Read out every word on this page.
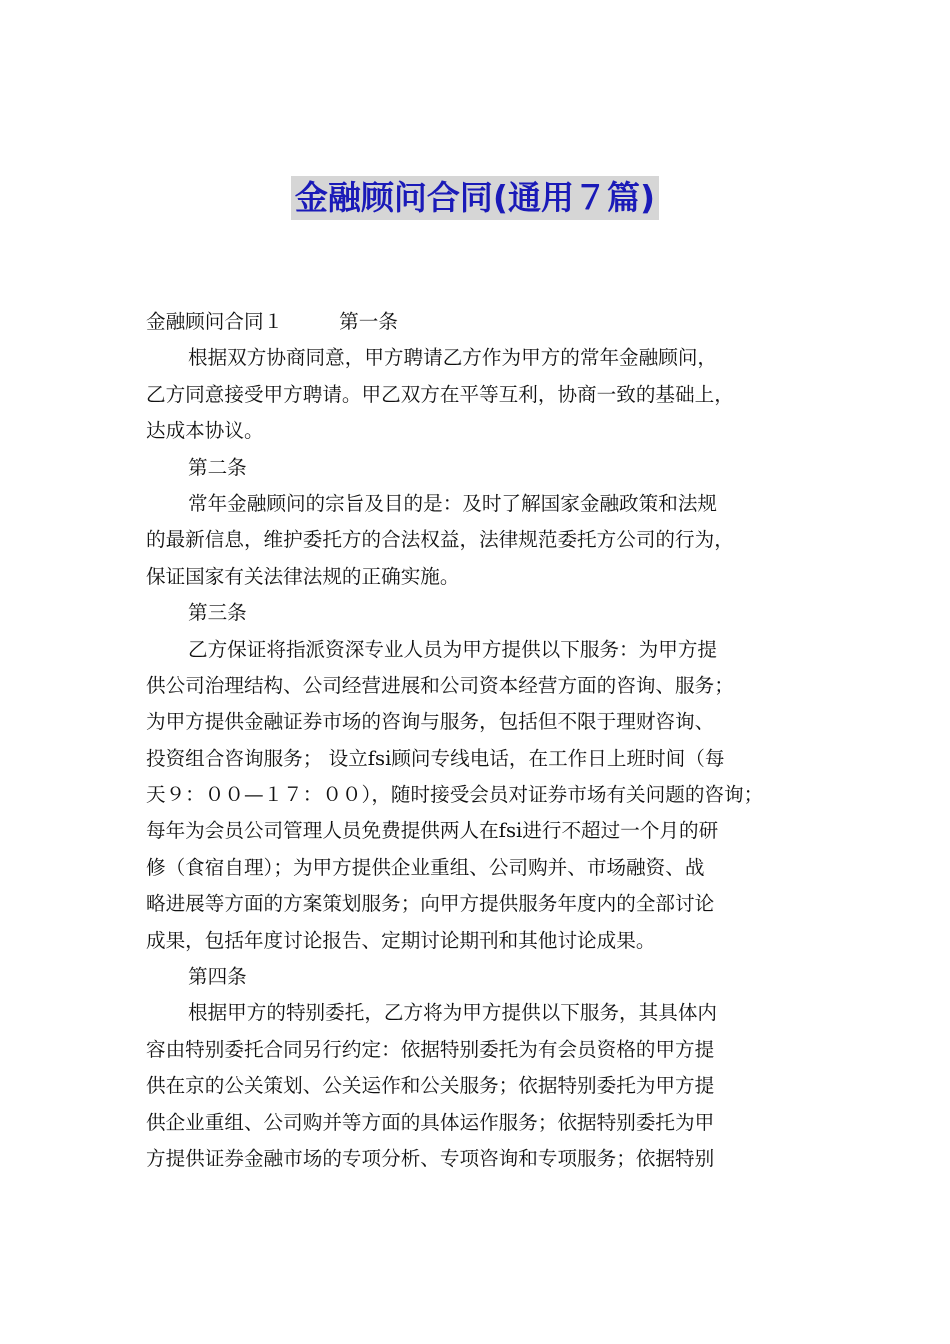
金融顾问合同(通用７篇)
金融顾问合同１	第一条
根据双方协商同意，甲方聘请乙方作为甲方的常年金融顾问，
乙方同意接受甲方聘请。甲乙双方在平等互利，协商一致的基础上，
达成本协议。
第二条
常年金融顾问的宗旨及目的是：及时了解国家金融政策和法规
的最新信息，维护委托方的合法权益，法律规范委托方公司的行为，
保证国家有关法律法规的正确实施。
第三条
乙方保证将指派资深专业人员为甲方提供以下服务：为甲方提
供公司治理结构、公司经营进展和公司资本经营方面的咨询、服务；
为甲方提供金融证券市场的咨询与服务，包括但不限于理财咨询、
投资组合咨询服务； 设立fsi顾问专线电话，在工作日上班时间（每
天９：００—１７：００），随时接受会员对证券市场有关问题的咨询；
每年为会员公司管理人员免费提供两人在fsi进行不超过一个月的研
修（食宿自理）；为甲方提供企业重组、公司购并、市场融资、战
略进展等方面的方案策划服务；向甲方提供服务年度内的全部讨论
成果，包括年度讨论报告、定期讨论期刊和其他讨论成果。
第四条
根据甲方的特别委托，乙方将为甲方提供以下服务，其具体内
容由特别委托合同另行约定：依据特别委托为有会员资格的甲方提
供在京的公关策划、公关运作和公关服务；依据特别委托为甲方提
供企业重组、公司购并等方面的具体运作服务；依据特别委托为甲
方提供证券金融市场的专项分析、专项咨询和专项服务；依据特别
